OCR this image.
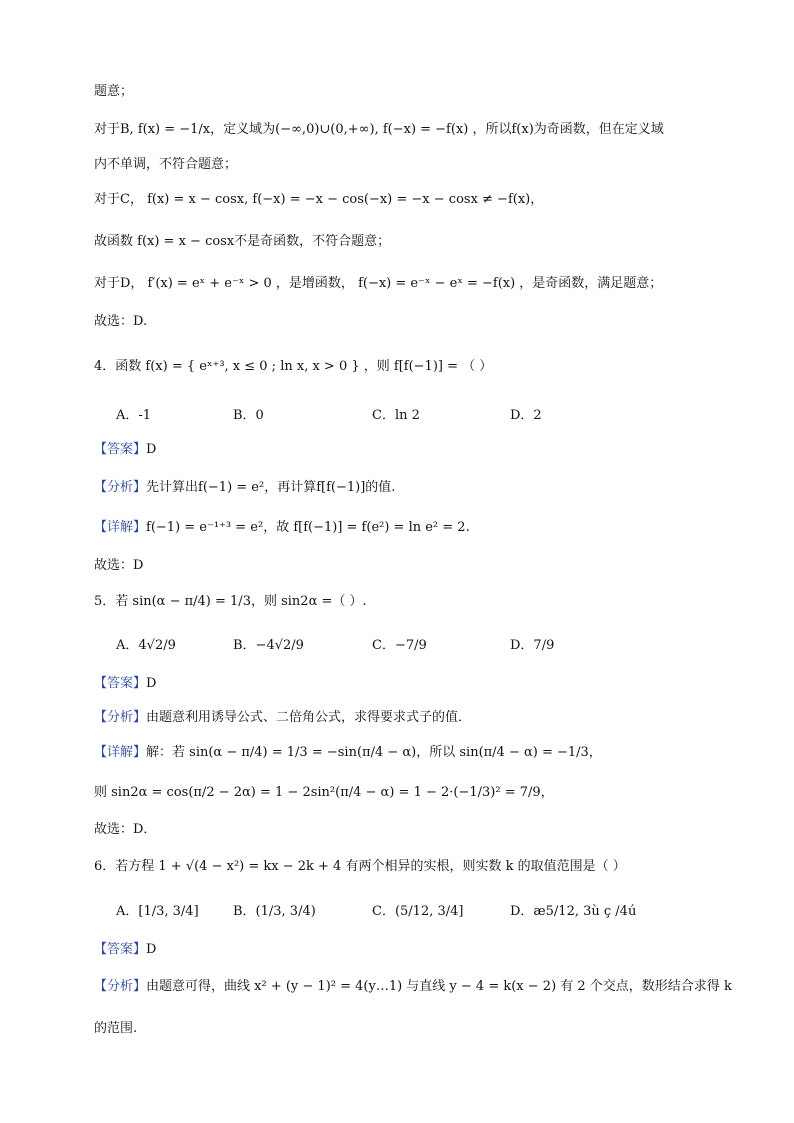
题意；
对于B, f(x) = −1/x，定义域为(−∞,0)∪(0,+∞), f(−x) = −f(x) ，所以f(x)为奇函数，但在定义域
内不单调，不符合题意；
对于C， f(x) = x − cosx, f(−x) = −x − cos(−x) = −x − cosx ≠ −f(x)，
故函数 f(x) = x − cosx不是奇函数，不符合题意；
对于D， f′(x) = eˣ + e⁻ˣ > 0 ，是增函数， f(−x) = e⁻ˣ − eˣ = −f(x) ，是奇函数，满足题意；
故选：D.
4．函数 f(x) = { eˣ⁺³, x ≤ 0 ; ln x, x > 0 } ，则 f[f(−1)] = （ ）
A．-1	B．0	C．ln 2	D．2
【答案】D
【分析】先计算出f(−1) = e²，再计算f[f(−1)]的值.
【详解】f(−1) = e⁻¹⁺³ = e²，故 f[f(−1)] = f(e²) = ln e² = 2.
故选：D
5．若 sin(α − π/4) = 1/3，则 sin2α =（ ）.
A．4√2/9	B．−4√2/9	C．−7/9	D．7/9
【答案】D
【分析】由题意利用诱导公式、二倍角公式，求得要求式子的值．
【详解】解：若 sin(α − π/4) = 1/3 = −sin(π/4 − α)，所以 sin(π/4 − α) = −1/3，
则 sin2α = cos(π/2 − 2α) = 1 − 2sin²(π/4 − α) = 1 − 2·(−1/3)² = 7/9，
故选：D．
6．若方程 1 + √(4 − x²) = kx − 2k + 4 有两个相异的实根，则实数 k 的取值范围是（ ）
A．[1/3, 3/4]	B．(1/3, 3/4)	C．(5/12, 3/4]	D．æ5/12, 3ù ç /4ú
【答案】D
【分析】由题意可得，曲线 x² + (y − 1)² = 4(y…1) 与直线 y − 4 = k(x − 2) 有 2 个交点，数形结合求得 k
的范围.
